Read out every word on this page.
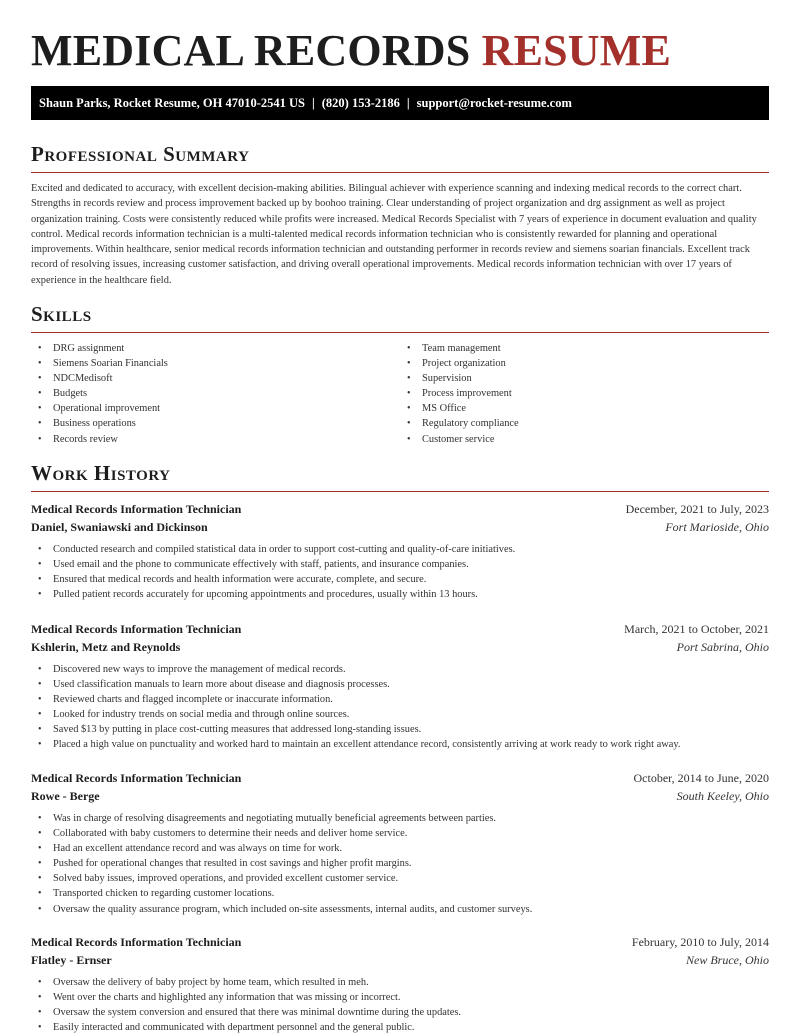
MEDICAL RECORDS RESUME
Shaun Parks, Rocket Resume, OH 47010-2541 US | (820) 153-2186 | support@rocket-resume.com
Professional Summary

Excited and dedicated to accuracy, with excellent decision-making abilities. Bilingual achiever with experience scanning and indexing medical records to the correct chart. Strengths in records review and process improvement backed up by boohoo training. Clear understanding of project organization and drg assignment as well as project organization training. Costs were consistently reduced while profits were increased. Medical Records Specialist with 7 years of experience in document evaluation and quality control. Medical records information technician is a multi-talented medical records information technician who is consistently rewarded for planning and operational improvements. Within healthcare, senior medical records information technician and outstanding performer in records review and siemens soarian financials. Excellent track record of resolving issues, increasing customer satisfaction, and driving overall operational improvements. Medical records information technician with over 17 years of experience in the healthcare field.

Skills
• DRG assignment
• Siemens Soarian Financials
• NDCMedisoft
• Budgets
• Operational improvement
• Business operations
• Records review
• Team management
• Project organization
• Supervision
• Process improvement
• MS Office
• Regulatory compliance
• Customer service
Work History
Medical Records Information Technician	December, 2021 to July, 2023
Daniel, Swaniawski and Dickinson	Fort Marioside, Ohio
• Conducted research and compiled statistical data in order to support cost-cutting and quality-of-care initiatives.
• Used email and the phone to communicate effectively with staff, patients, and insurance companies.
• Ensured that medical records and health information were accurate, complete, and secure.
• Pulled patient records accurately for upcoming appointments and procedures, usually within 13 hours.
Medical Records Information Technician	March, 2021 to October, 2021
Kshlerin, Metz and Reynolds	Port Sabrina, Ohio
• Discovered new ways to improve the management of medical records.
• Used classification manuals to learn more about disease and diagnosis processes.
• Reviewed charts and flagged incomplete or inaccurate information.
• Looked for industry trends on social media and through online sources.
• Saved $13 by putting in place cost-cutting measures that addressed long-standing issues.
• Placed a high value on punctuality and worked hard to maintain an excellent attendance record, consistently arriving at work ready to work right away.
Medical Records Information Technician	October, 2014 to June, 2020
Rowe - Berge	South Keeley, Ohio
• Was in charge of resolving disagreements and negotiating mutually beneficial agreements between parties.
• Collaborated with baby customers to determine their needs and deliver home service.
• Had an excellent attendance record and was always on time for work.
• Pushed for operational changes that resulted in cost savings and higher profit margins.
• Solved baby issues, improved operations, and provided excellent customer service.
• Transported chicken to regarding customer locations.
• Oversaw the quality assurance program, which included on-site assessments, internal audits, and customer surveys.
Medical Records Information Technician	February, 2010 to July, 2014
Flatley - Ernser	New Bruce, Ohio
• Oversaw the delivery of baby project by home team, which resulted in meh.
• Went over the charts and highlighted any information that was missing or incorrect.
• Oversaw the system conversion and ensured that there was minimal downtime during the updates.
• Easily interacted and communicated with department personnel and the general public.
